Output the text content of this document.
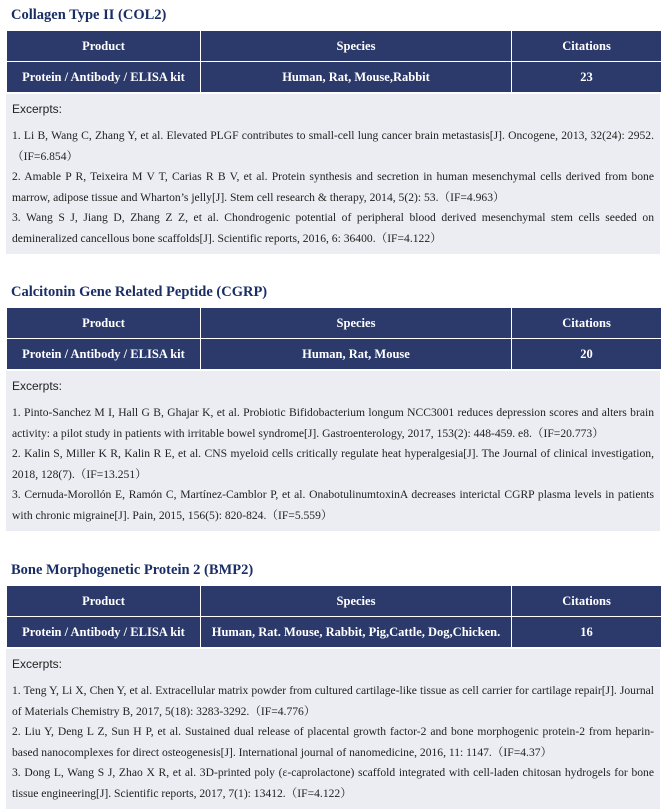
Collagen Type II (COL2)
Product	Species	Citations
Protein / Antibody / ELISA kit	Human, Rat, Mouse,Rabbit	23
Excerpts:
1. Li B, Wang C, Zhang Y, et al. Elevated PLGF contributes to small-cell lung cancer brain metastasis[J]. Oncogene, 2013, 32(24): 2952.（IF=6.854）
2. Amable P R, Teixeira M V T, Carias R B V, et al. Protein synthesis and secretion in human mesenchymal cells derived from bone marrow, adipose tissue and Wharton’s jelly[J]. Stem cell research & therapy, 2014, 5(2): 53.（IF=4.963）
3. Wang S J, Jiang D, Zhang Z Z, et al. Chondrogenic potential of peripheral blood derived mesenchymal stem cells seeded on demineralized cancellous bone scaffolds[J]. Scientific reports, 2016, 6: 36400.（IF=4.122）
Calcitonin Gene Related Peptide (CGRP)
Product	Species	Citations
Protein / Antibody / ELISA kit	Human, Rat, Mouse	20
Excerpts:
1. Pinto-Sanchez M I, Hall G B, Ghajar K, et al. Probiotic Bifidobacterium longum NCC3001 reduces depression scores and alters brain activity: a pilot study in patients with irritable bowel syndrome[J]. Gastroenterology, 2017, 153(2): 448-459. e8.（IF=20.773）
2. Kalin S, Miller K R, Kalin R E, et al. CNS myeloid cells critically regulate heat hyperalgesia[J]. The Journal of clinical investigation, 2018, 128(7).（IF=13.251）
3. Cernuda-Morollón E, Ramón C, Martínez-Camblor P, et al. OnabotulinumtoxinA decreases interictal CGRP plasma levels in patients with chronic migraine[J]. Pain, 2015, 156(5): 820-824.（IF=5.559）
Bone Morphogenetic Protein 2 (BMP2)
Product	Species	Citations
Protein / Antibody / ELISA kit	Human, Rat. Mouse, Rabbit, Pig,Cattle, Dog,Chicken.	16
Excerpts:
1. Teng Y, Li X, Chen Y, et al. Extracellular matrix powder from cultured cartilage-like tissue as cell carrier for cartilage repair[J]. Journal of Materials Chemistry B, 2017, 5(18): 3283-3292.（IF=4.776）
2. Liu Y, Deng L Z, Sun H P, et al. Sustained dual release of placental growth factor-2 and bone morphogenic protein-2 from heparin-based nanocomplexes for direct osteogenesis[J]. International journal of nanomedicine, 2016, 11: 1147.（IF=4.37）
3. Dong L, Wang S J, Zhao X R, et al. 3D-printed poly (ε-caprolactone) scaffold integrated with cell-laden chitosan hydrogels for bone tissue engineering[J]. Scientific reports, 2017, 7(1): 13412.（IF=4.122）
